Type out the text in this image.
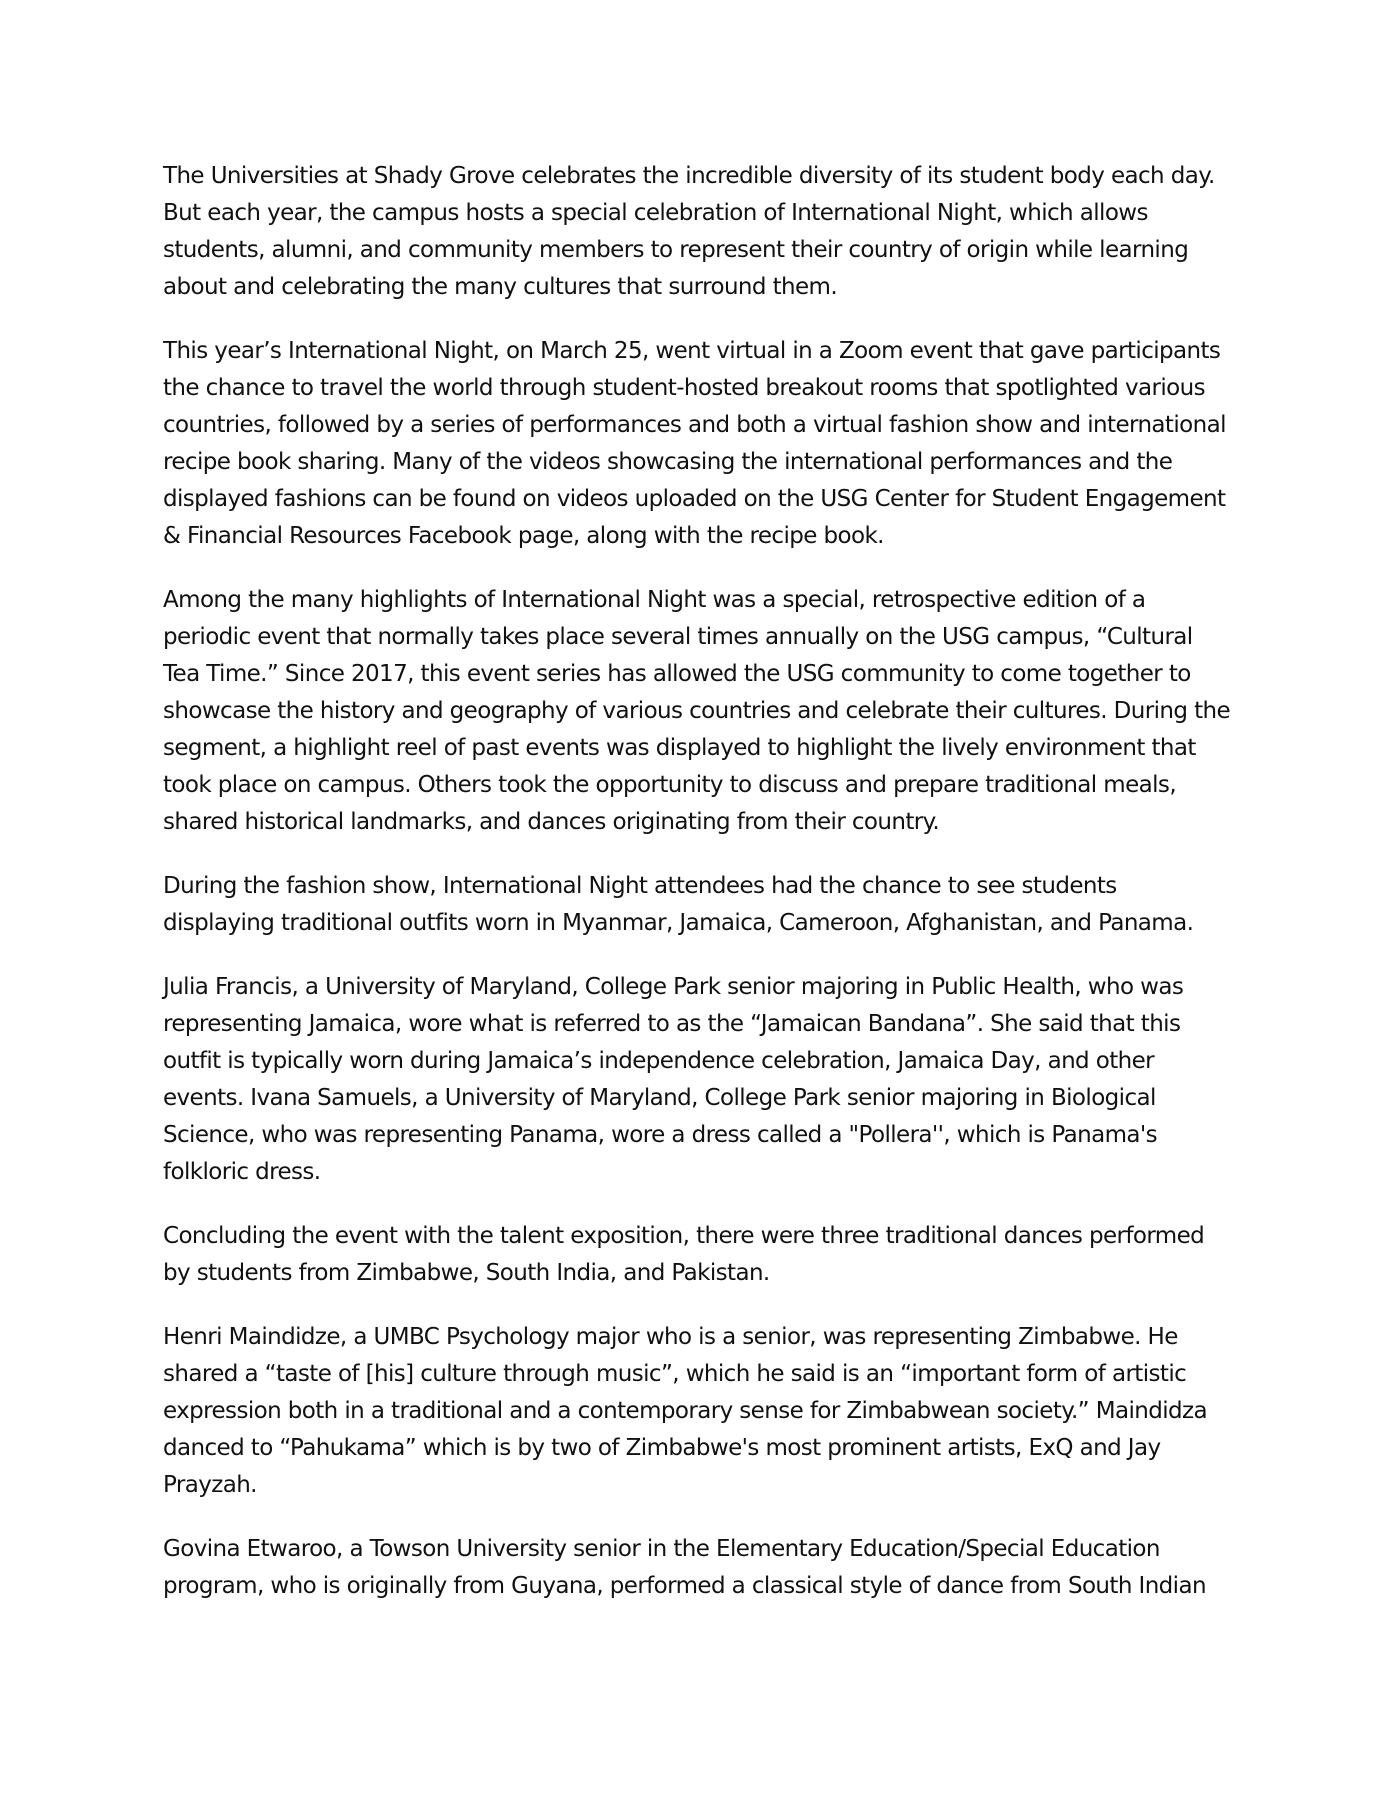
The Universities at Shady Grove celebrates the incredible diversity of its student body each day. But each year, the campus hosts a special celebration of International Night, which allows students, alumni, and community members to represent their country of origin while learning about and celebrating the many cultures that surround them.

This year’s International Night, on March 25, went virtual in a Zoom event that gave participants the chance to travel the world through student-hosted breakout rooms that spotlighted various countries, followed by a series of performances and both a virtual fashion show and international recipe book sharing. Many of the videos showcasing the international performances and the displayed fashions can be found on videos uploaded on the USG Center for Student Engagement & Financial Resources Facebook page, along with the recipe book.

Among the many highlights of International Night was a special, retrospective edition of a periodic event that normally takes place several times annually on the USG campus, “Cultural Tea Time.” Since 2017, this event series has allowed the USG community to come together to showcase the history and geography of various countries and celebrate their cultures. During the segment, a highlight reel of past events was displayed to highlight the lively environment that took place on campus. Others took the opportunity to discuss and prepare traditional meals, shared historical landmarks, and dances originating from their country.

During the fashion show, International Night attendees had the chance to see students displaying traditional outfits worn in Myanmar, Jamaica, Cameroon, Afghanistan, and Panama.

Julia Francis, a University of Maryland, College Park senior majoring in Public Health, who was representing Jamaica, wore what is referred to as the “Jamaican Bandana”. She said that this outfit is typically worn during Jamaica’s independence celebration, Jamaica Day, and other events. Ivana Samuels, a University of Maryland, College Park senior majoring in Biological Science, who was representing Panama, wore a dress called a "Pollera'', which is Panama's folkloric dress.

Concluding the event with the talent exposition, there were three traditional dances performed by students from Zimbabwe, South India, and Pakistan.

Henri Maindidze, a UMBC Psychology major who is a senior, was representing Zimbabwe. He shared a “taste of [his] culture through music”, which he said is an “important form of artistic expression both in a traditional and a contemporary sense for Zimbabwean society.” Maindidza danced to “Pahukama” which is by two of Zimbabwe's most prominent artists, ExQ and Jay Prayzah.

Govina Etwaroo, a Towson University senior in the Elementary Education/Special Education program, who is originally from Guyana, performed a classical style of dance from South Indian
